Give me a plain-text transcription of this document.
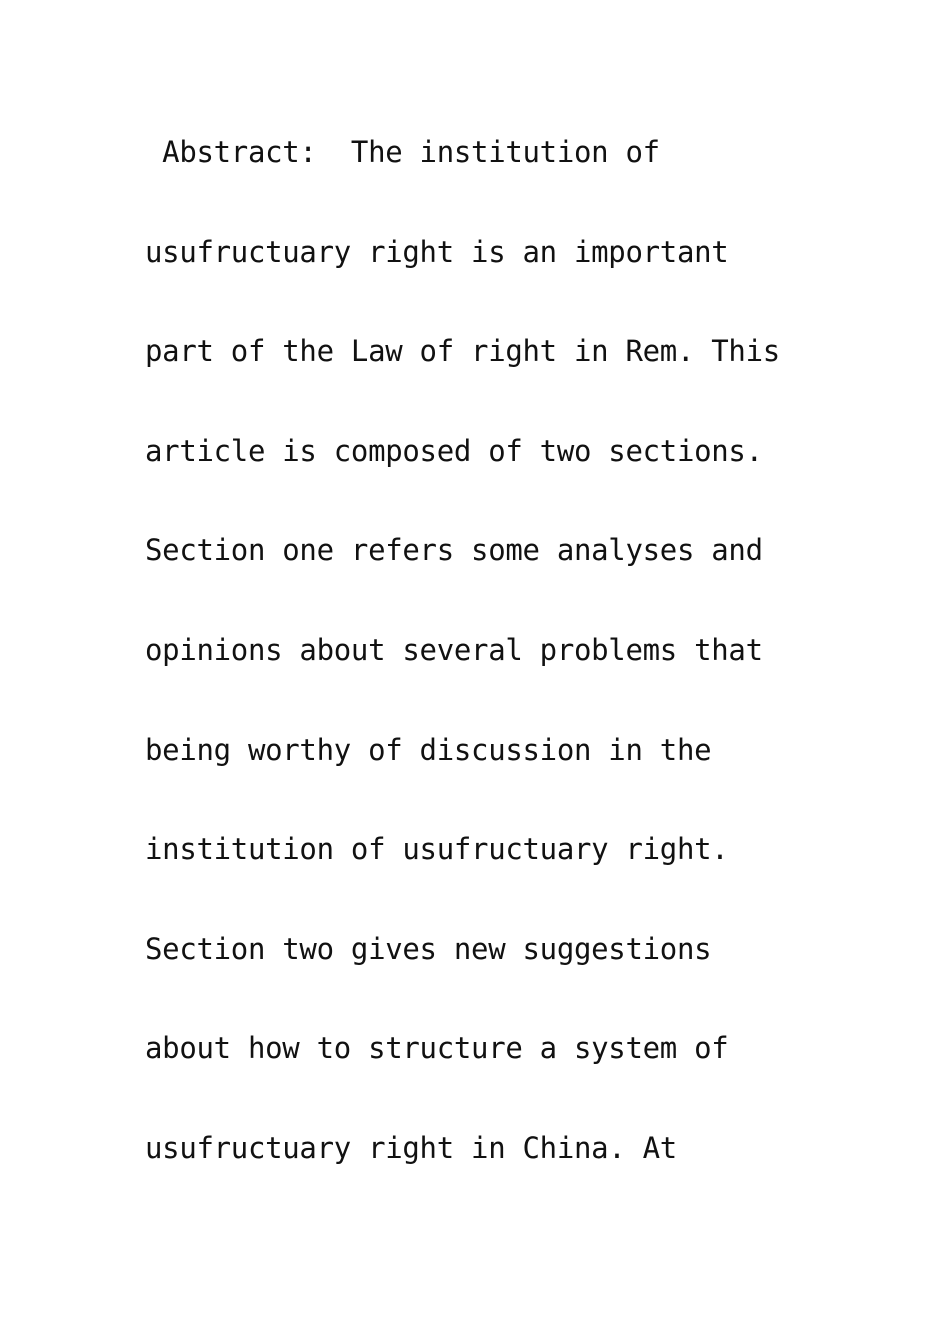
Abstract:  The institution of
usufructuary right is an important
part of the Law of right in Rem. This
article is composed of two sections.
Section one refers some analyses and
opinions about several problems that
being worthy of discussion in the
institution of usufructuary right.
Section two gives new suggestions
about how to structure a system of
usufructuary right in China. At
